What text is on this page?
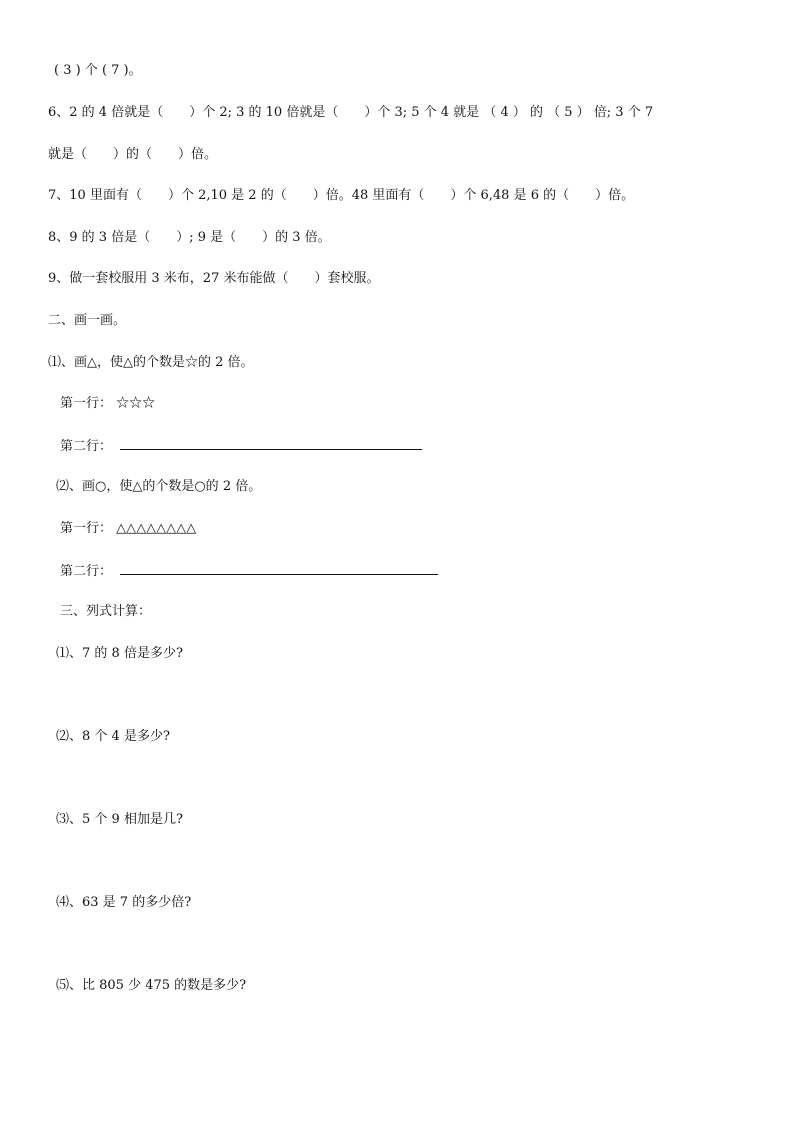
( 3 ) 个 ( 7 )。
6、2 的 4 倍就是（　　）个 2; 3 的 10 倍就是（　　）个 3; 5 个 4 就是 （ 4 ） 的 （ 5 ） 倍; 3 个 7
就是（　　）的（　　）倍。
7、10 里面有（　　）个 2,10 是 2 的（　　）倍。48 里面有（　　）个 6,48 是 6 的（　　）倍。
8、9 的 3 倍是（　　）; 9 是（　　）的 3 倍。
9、做一套校服用 3 米布，27 米布能做（　　）套校服。
二、画一画。
⑴、画△，使△的个数是☆的 2 倍。
第一行： ☆☆☆
第二行：
⑵、画○，使△的个数是○的 2 倍。
第一行： △△△△△△△△
第二行：
三、列式计算：
⑴、7 的 8 倍是多少?
⑵、8 个 4 是多少?
⑶、5 个 9 相加是几?
⑷、63 是 7 的多少倍?
⑸、比 805 少 475 的数是多少?
